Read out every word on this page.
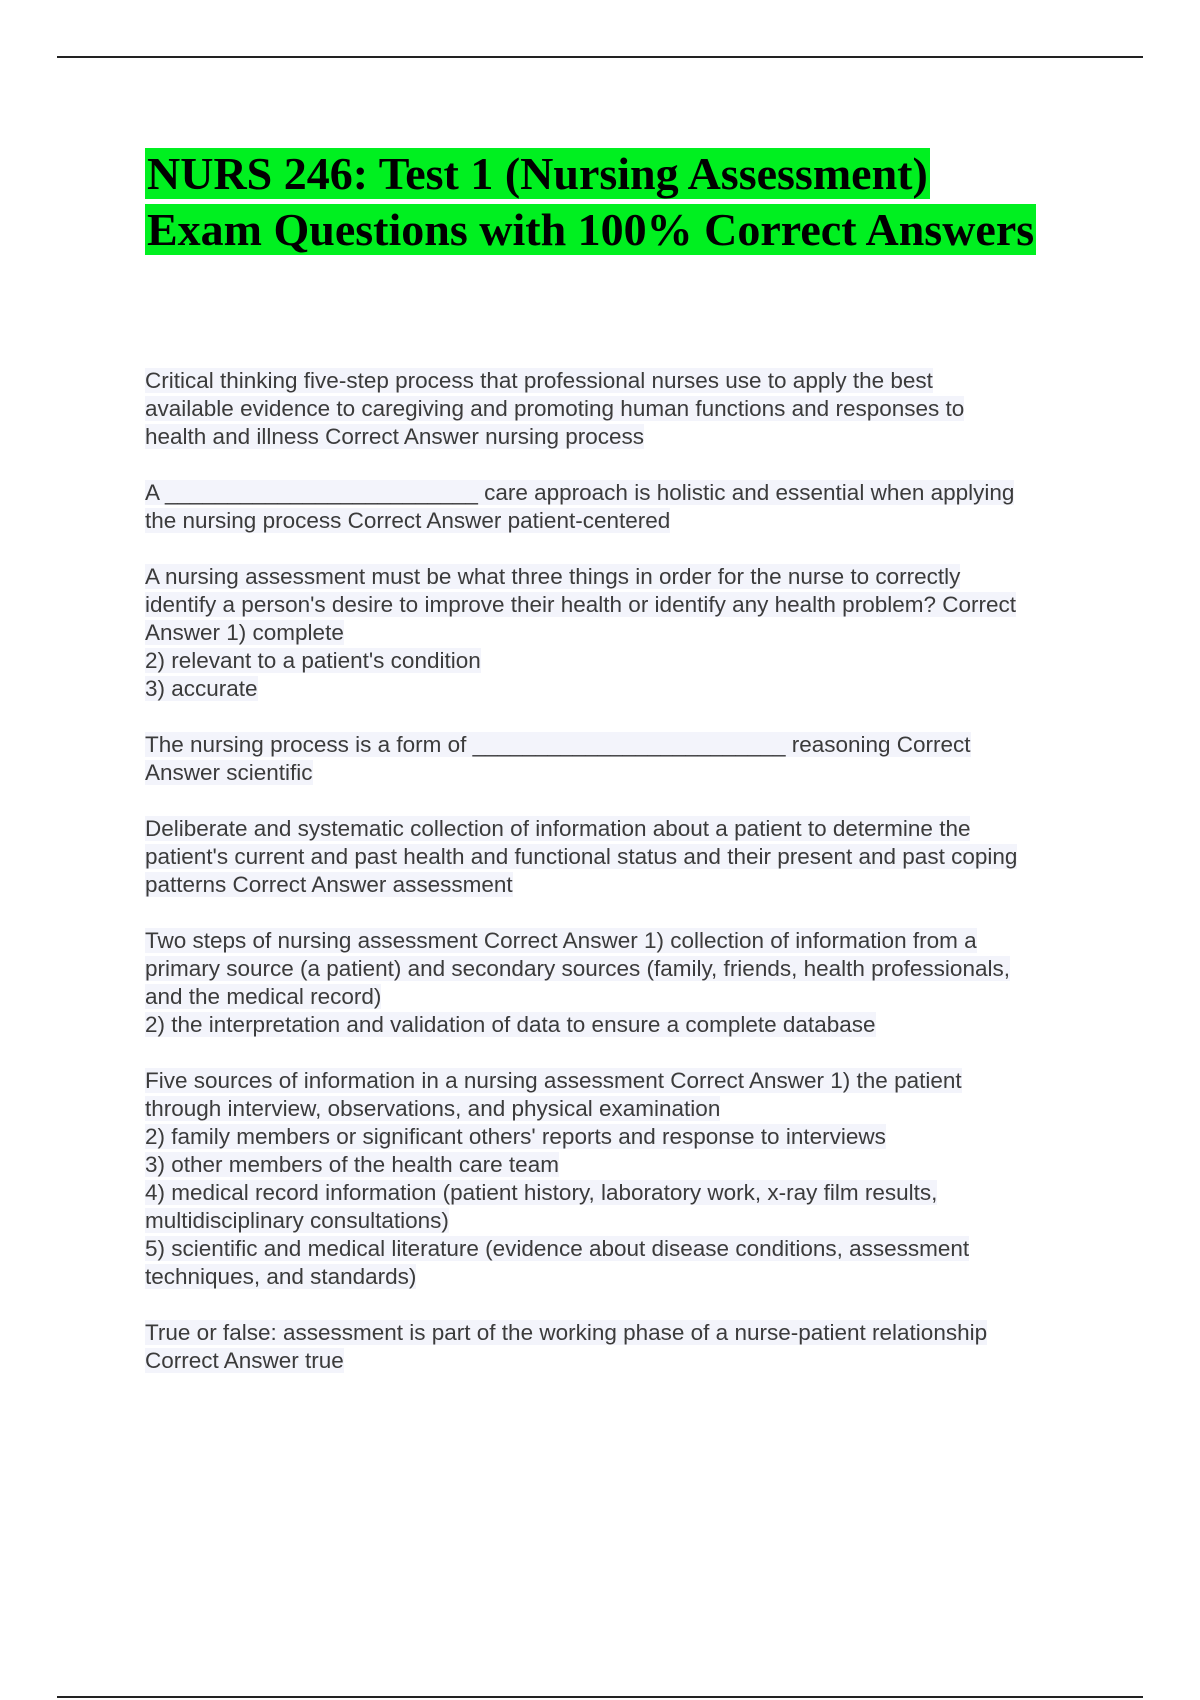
NURS 246: Test 1 (Nursing Assessment)
Exam Questions with 100% Correct Answers

Critical thinking five-step process that professional nurses use to apply the best

available evidence to caregiving and promoting human functions and responses to

health and illness Correct Answer nursing process

A _________________________ care approach is holistic and essential when applying

the nursing process Correct Answer patient-centered

A nursing assessment must be what three things in order for the nurse to correctly

identify a person's desire to improve their health or identify any health problem? Correct

Answer 1) complete

2) relevant to a patient's condition

3) accurate

The nursing process is a form of _________________________ reasoning Correct

Answer scientific

Deliberate and systematic collection of information about a patient to determine the

patient's current and past health and functional status and their present and past coping

patterns Correct Answer assessment

Two steps of nursing assessment Correct Answer 1) collection of information from a

primary source (a patient) and secondary sources (family, friends, health professionals,

and the medical record)

2) the interpretation and validation of data to ensure a complete database

Five sources of information in a nursing assessment Correct Answer 1) the patient

through interview, observations, and physical examination

2) family members or significant others' reports and response to interviews

3) other members of the health care team

4) medical record information (patient history, laboratory work, x-ray film results,

multidisciplinary consultations)

5) scientific and medical literature (evidence about disease conditions, assessment

techniques, and standards)

True or false: assessment is part of the working phase of a nurse-patient relationship

Correct Answer true
